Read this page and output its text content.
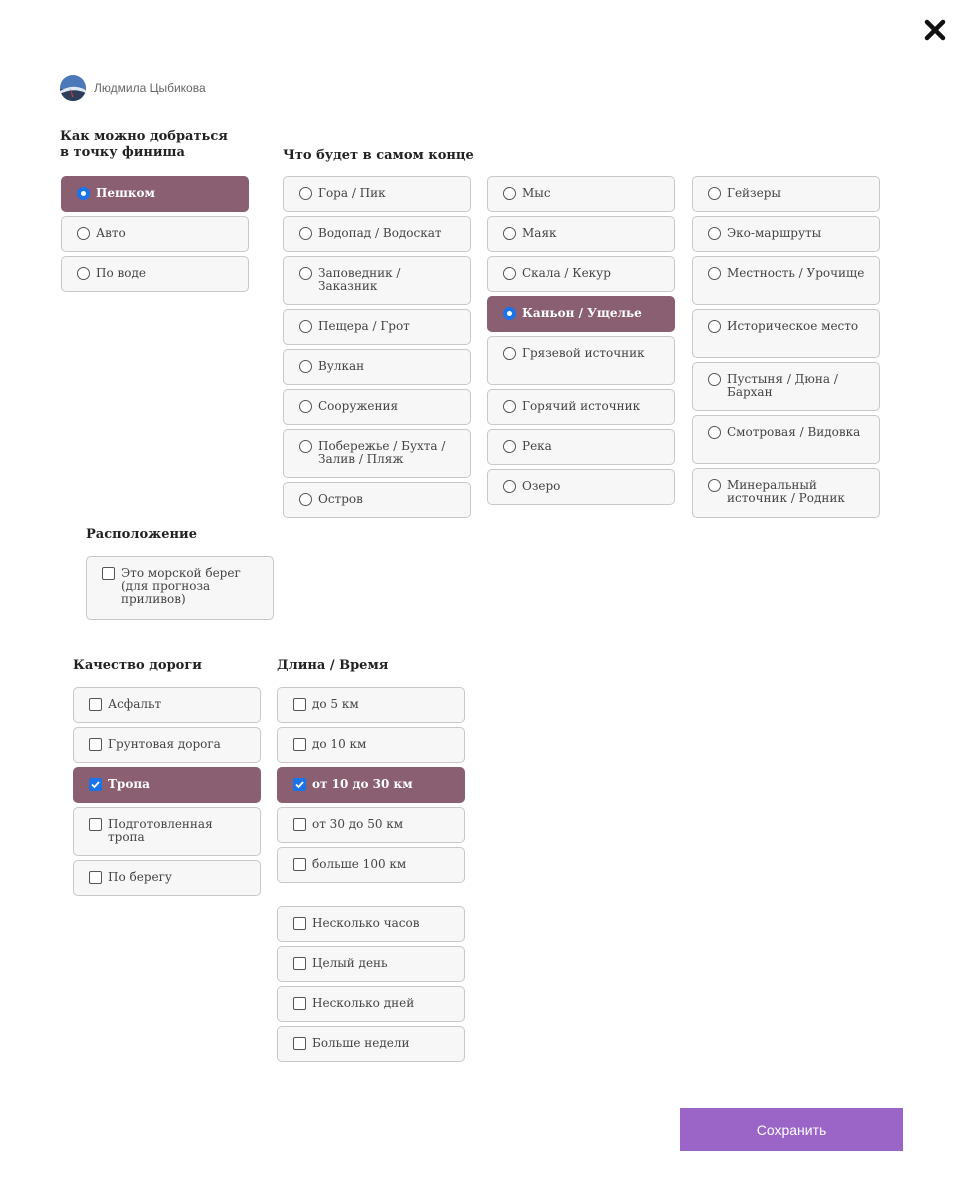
Людмила Цыбикова
Как можно добраться
в точку финиша	Что будет в самом конце
Расположение
Качество дороги	Длина / Время
Пешком
Авто
По воде
Гора / Пик
Водопад / Водоскат
Заповедник / Заказник
Пещера / Грот
Вулкан
Сооружения
Побережье / Бухта / Залив / Пляж
Остров
Мыс
Маяк
Скала / Кекур
Каньон / Ущелье
Грязевой источник
Горячий источник
Река
Озеро
Гейзеры
Эко-маршруты
Местность / Урочище
Историческое место
Пустыня / Дюна / Бархан
Смотровая / Видовка
Минеральный источник / Родник
Это морской берег (для прогноза приливов)
Асфальт
Грунтовая дорога
Тропа
Подготовленная тропа
По берегу
до 5 км
до 10 км
от 10 до 30 км
от 30 до 50 км
больше 100 км
Несколько часов
Целый день
Несколько дней
Больше недели
Сохранить
